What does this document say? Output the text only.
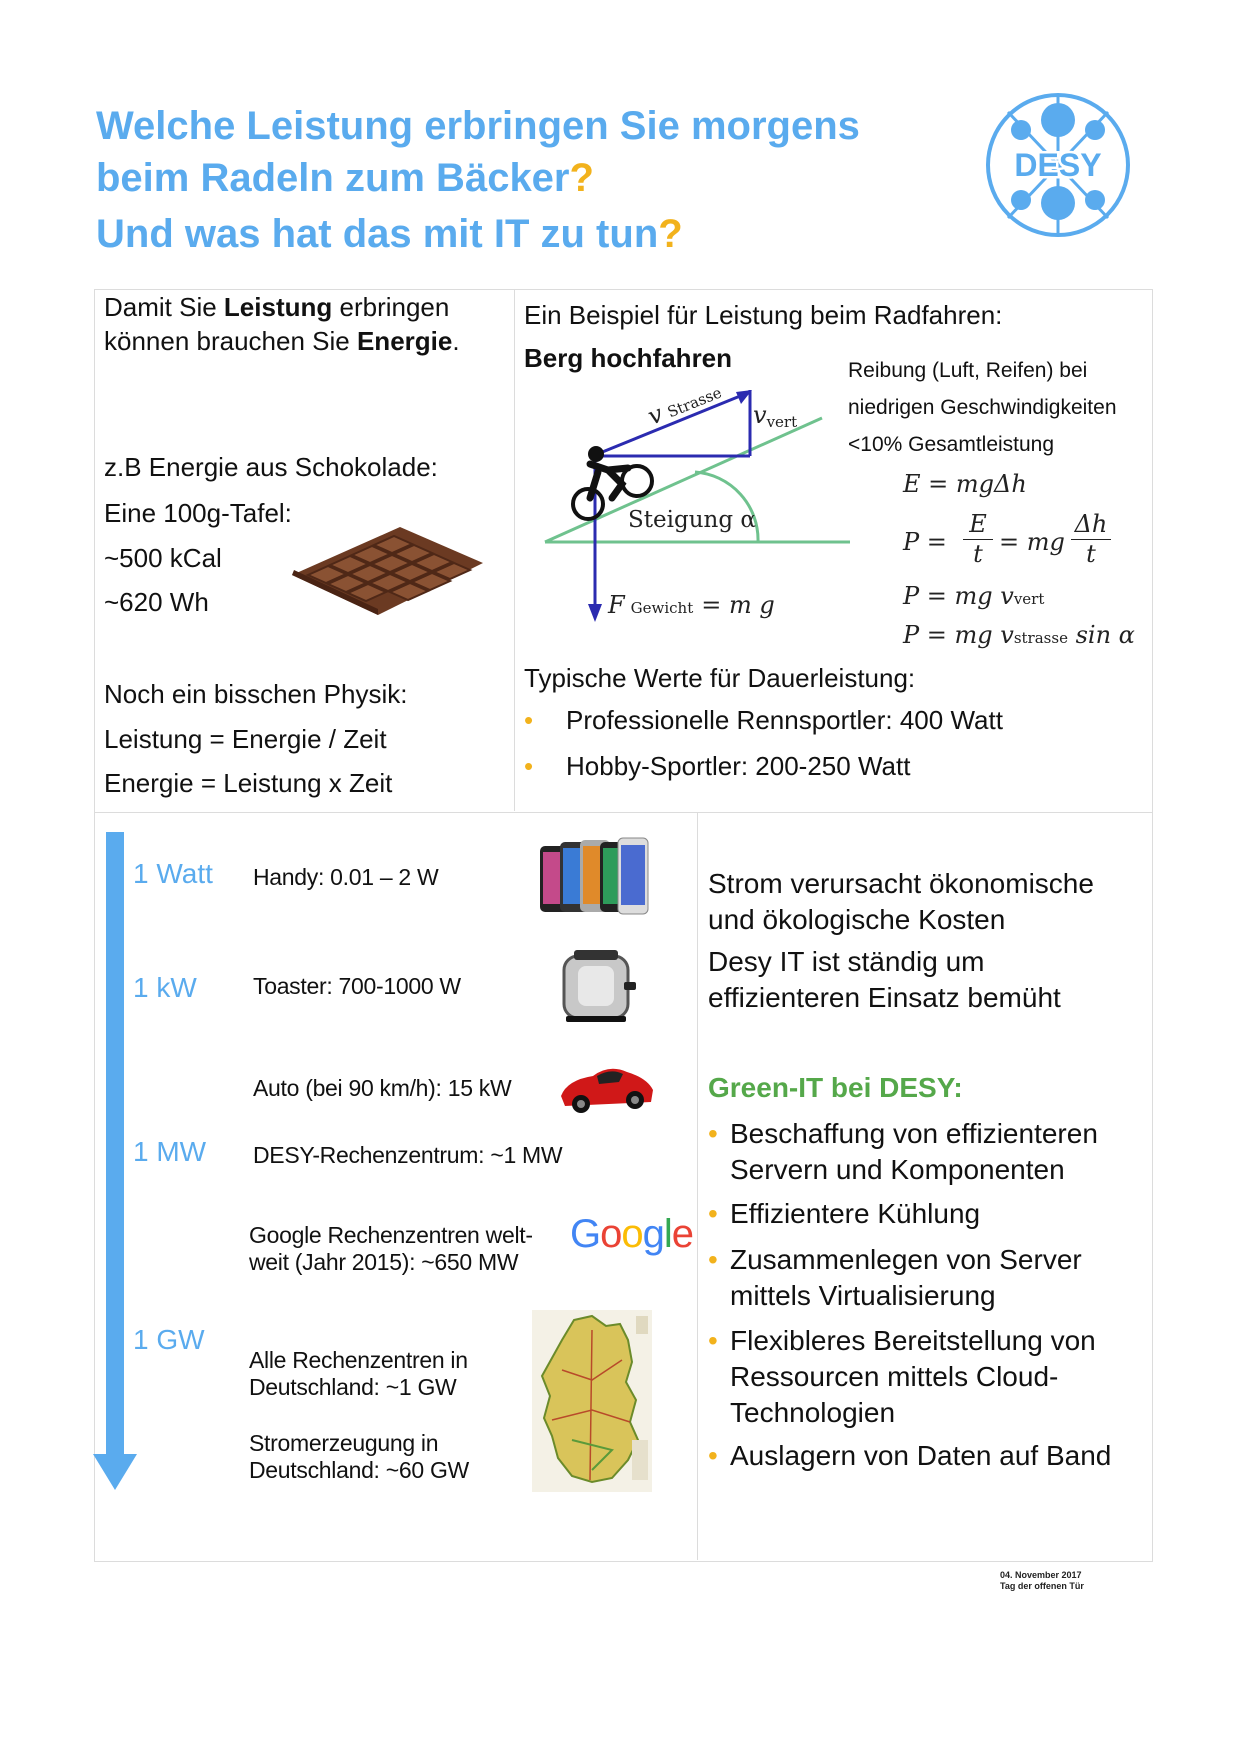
Welche Leistung erbringen Sie morgens
beim Radeln zum Bäcker?
Und was hat das mit IT zu tun?
DESY
Damit Sie Leistung erbringen können brauchen Sie Energie.
z.B Energie aus Schokolade:
Eine 100g-Tafel:
~500 kCal
~620 Wh
Noch ein bisschen Physik:
Leistung = Energie / Zeit
Energie = Leistung x Zeit
Ein Beispiel für Leistung beim Radfahren:
Berg hochfahren	Reibung (Luft, Reifen) bei
niedrigen Geschwindigkeiten
<10% Gesamtleistung
vStrasse vvert
Steigung α
F Gewicht = m g
E = mgΔh
P =
E
t = mg
Δh
t
P = mg vvert
P = mg vstrasse sin α
Typische Werte für Dauerleistung:
• Professionelle Rennsportler: 400 Watt
• Hobby-Sportler: 200-250 Watt
1 Watt
1 kW
1 MW
1 GW
Handy: 0.01 – 2 W
Toaster: 700-1000 W
Auto (bei 90 km/h): 15 kW
DESY-Rechenzentrum: ~1 MW
Google Rechenzentren welt-
weit (Jahr 2015): ~650 MW
Alle Rechenzentren in
Deutschland: ~1 GW
Stromerzeugung in
Deutschland: ~60 GW
Google
Strom verursacht ökonomische
und ökologische Kosten
Desy IT ist ständig um
effizienteren Einsatz bemüht
Green-IT bei DESY:
• Beschaffung von effizienteren
Servern und Komponenten
• Effizientere Kühlung
• Zusammenlegen von Server
mittels Virtualisierung
• Flexibleres Bereitstellung von
Ressourcen mittels Cloud-
Technologien
• Auslagern von Daten auf Band
04. November 2017
Tag der offenen Tür
